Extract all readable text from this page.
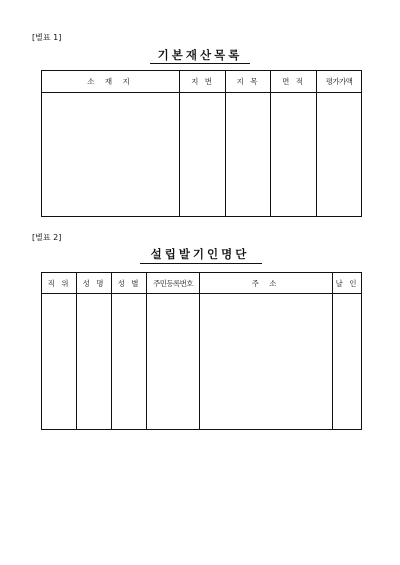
[별표 1]
기본재산목록
소 재 지	지 번	지 목	면 적	평가가액

[별표 2]
설립발기인명단
직 위	성 명	성 별	주민등록번호	주 소	날 인
